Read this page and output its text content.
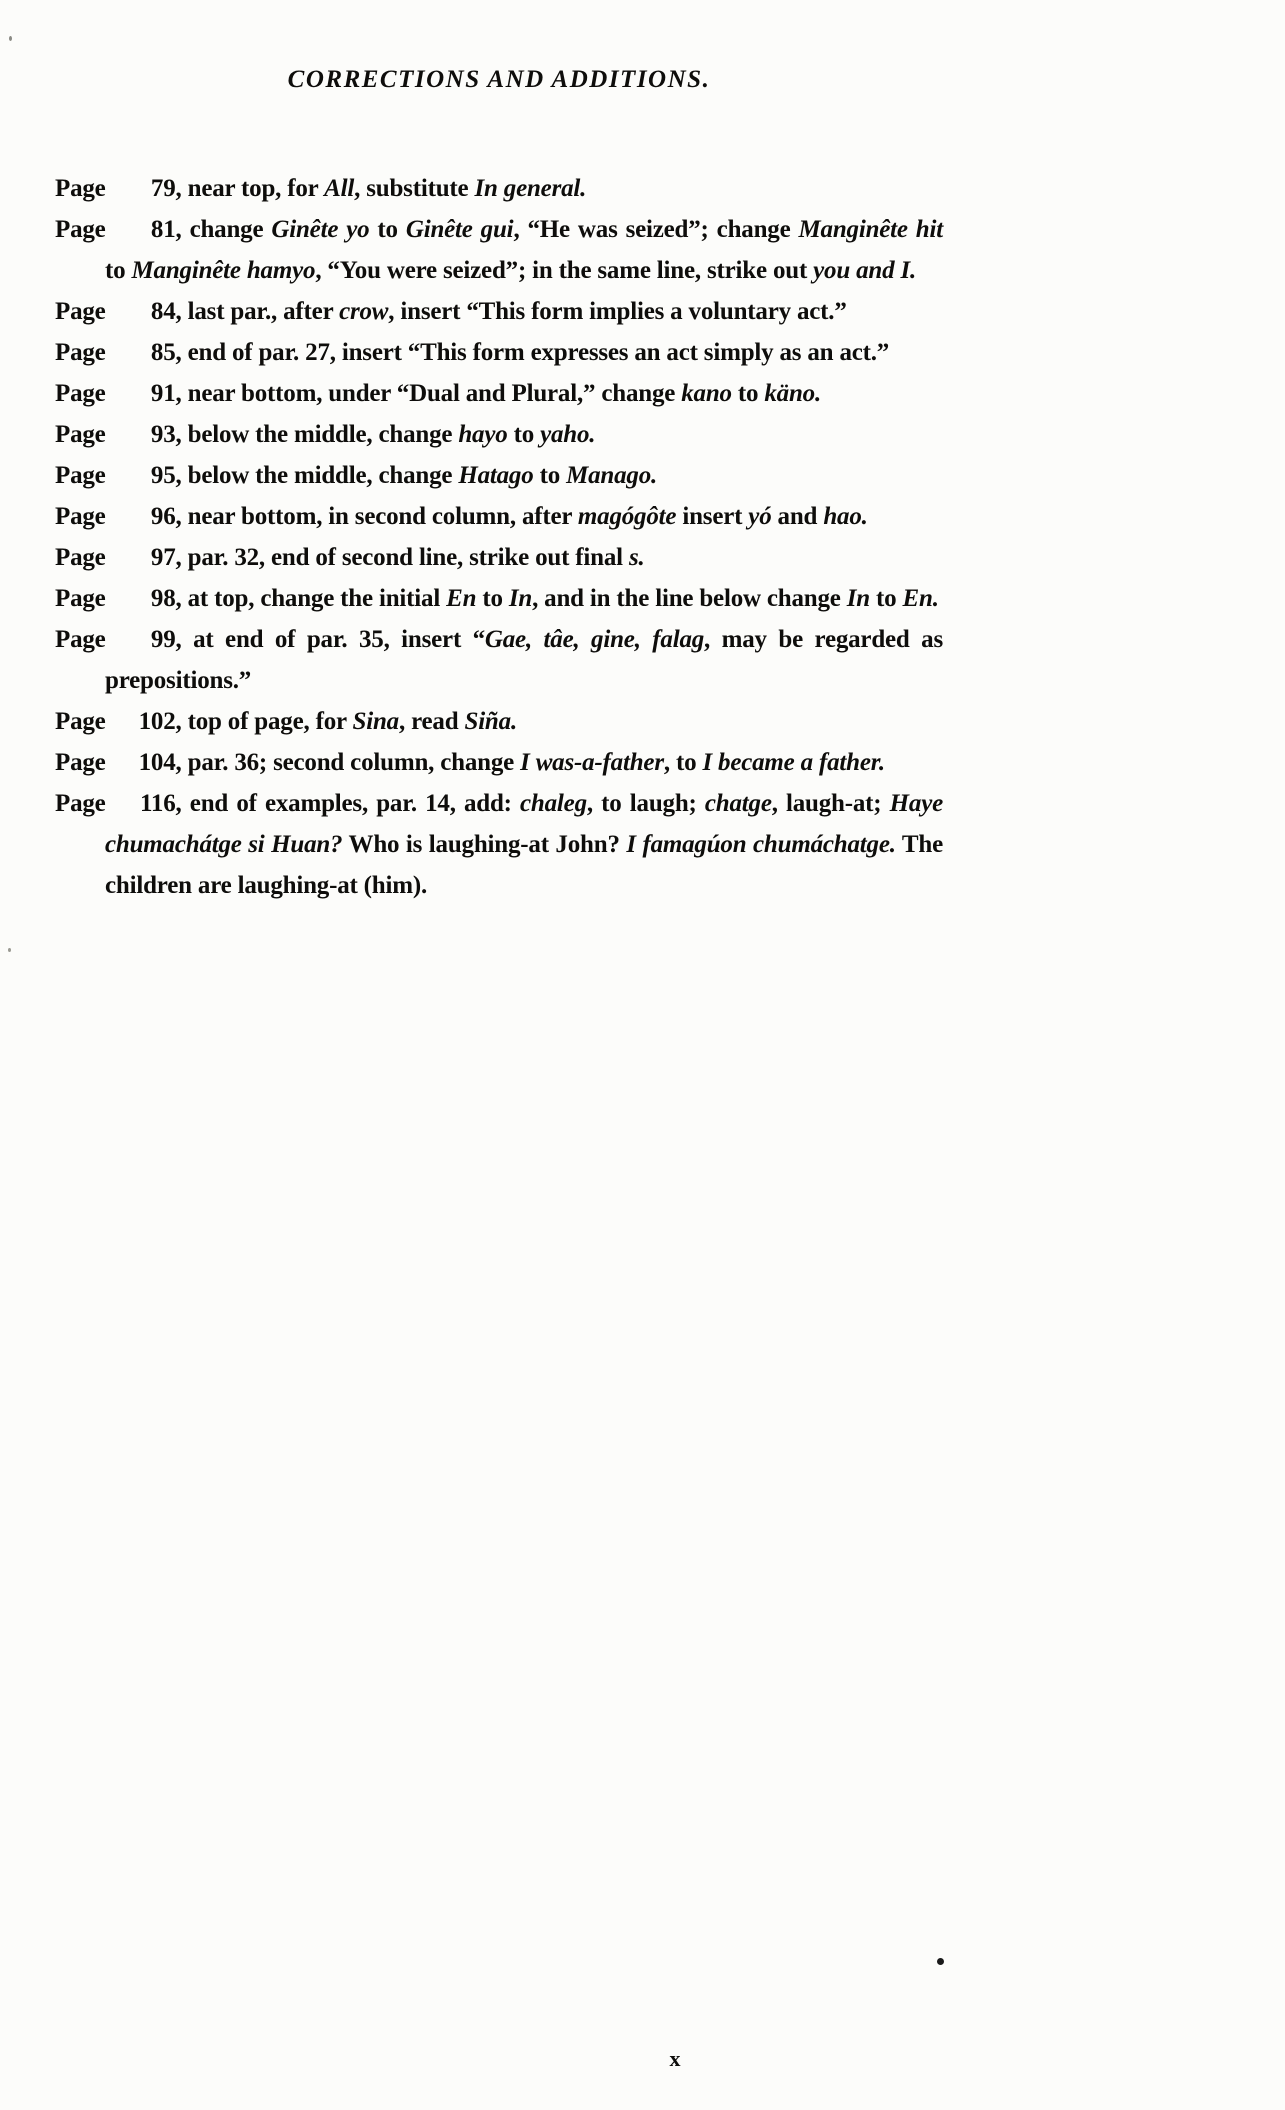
CORRECTIONS AND ADDITIONS.

Page 79, near top, for All, substitute In general.

Page 81, change Ginête yo to Ginête gui, “He was seized”; change Manginête hit to Manginête hamyo, “You were seized”; in the same line, strike out you and I.

Page 84, last par., after crow, insert “This form implies a voluntary act.”

Page 85, end of par. 27, insert “This form expresses an act simply as an act.”

Page 91, near bottom, under “Dual and Plural,” change kano to käno.

Page 93, below the middle, change hayo to yaho.

Page 95, below the middle, change Hatago to Manago.

Page 96, near bottom, in second column, after magógôte insert yó and hao.

Page 97, par. 32, end of second line, strike out final s.

Page 98, at top, change the initial En to In, and in the line below change In to En.

Page 99, at end of par. 35, insert “Gae, tâe, gine, falag, may be regarded as prepositions.”

Page 102, top of page, for Sina, read Siña.

Page 104, par. 36; second column, change I was-a-father, to I became a father.

Page 116, end of examples, par. 14, add: chaleg, to laugh; chatge, laugh-at; Haye chumachátge si Huan? Who is laughing-at John? I famagúon chumáchatge. The children are laughing-at (him).

x
